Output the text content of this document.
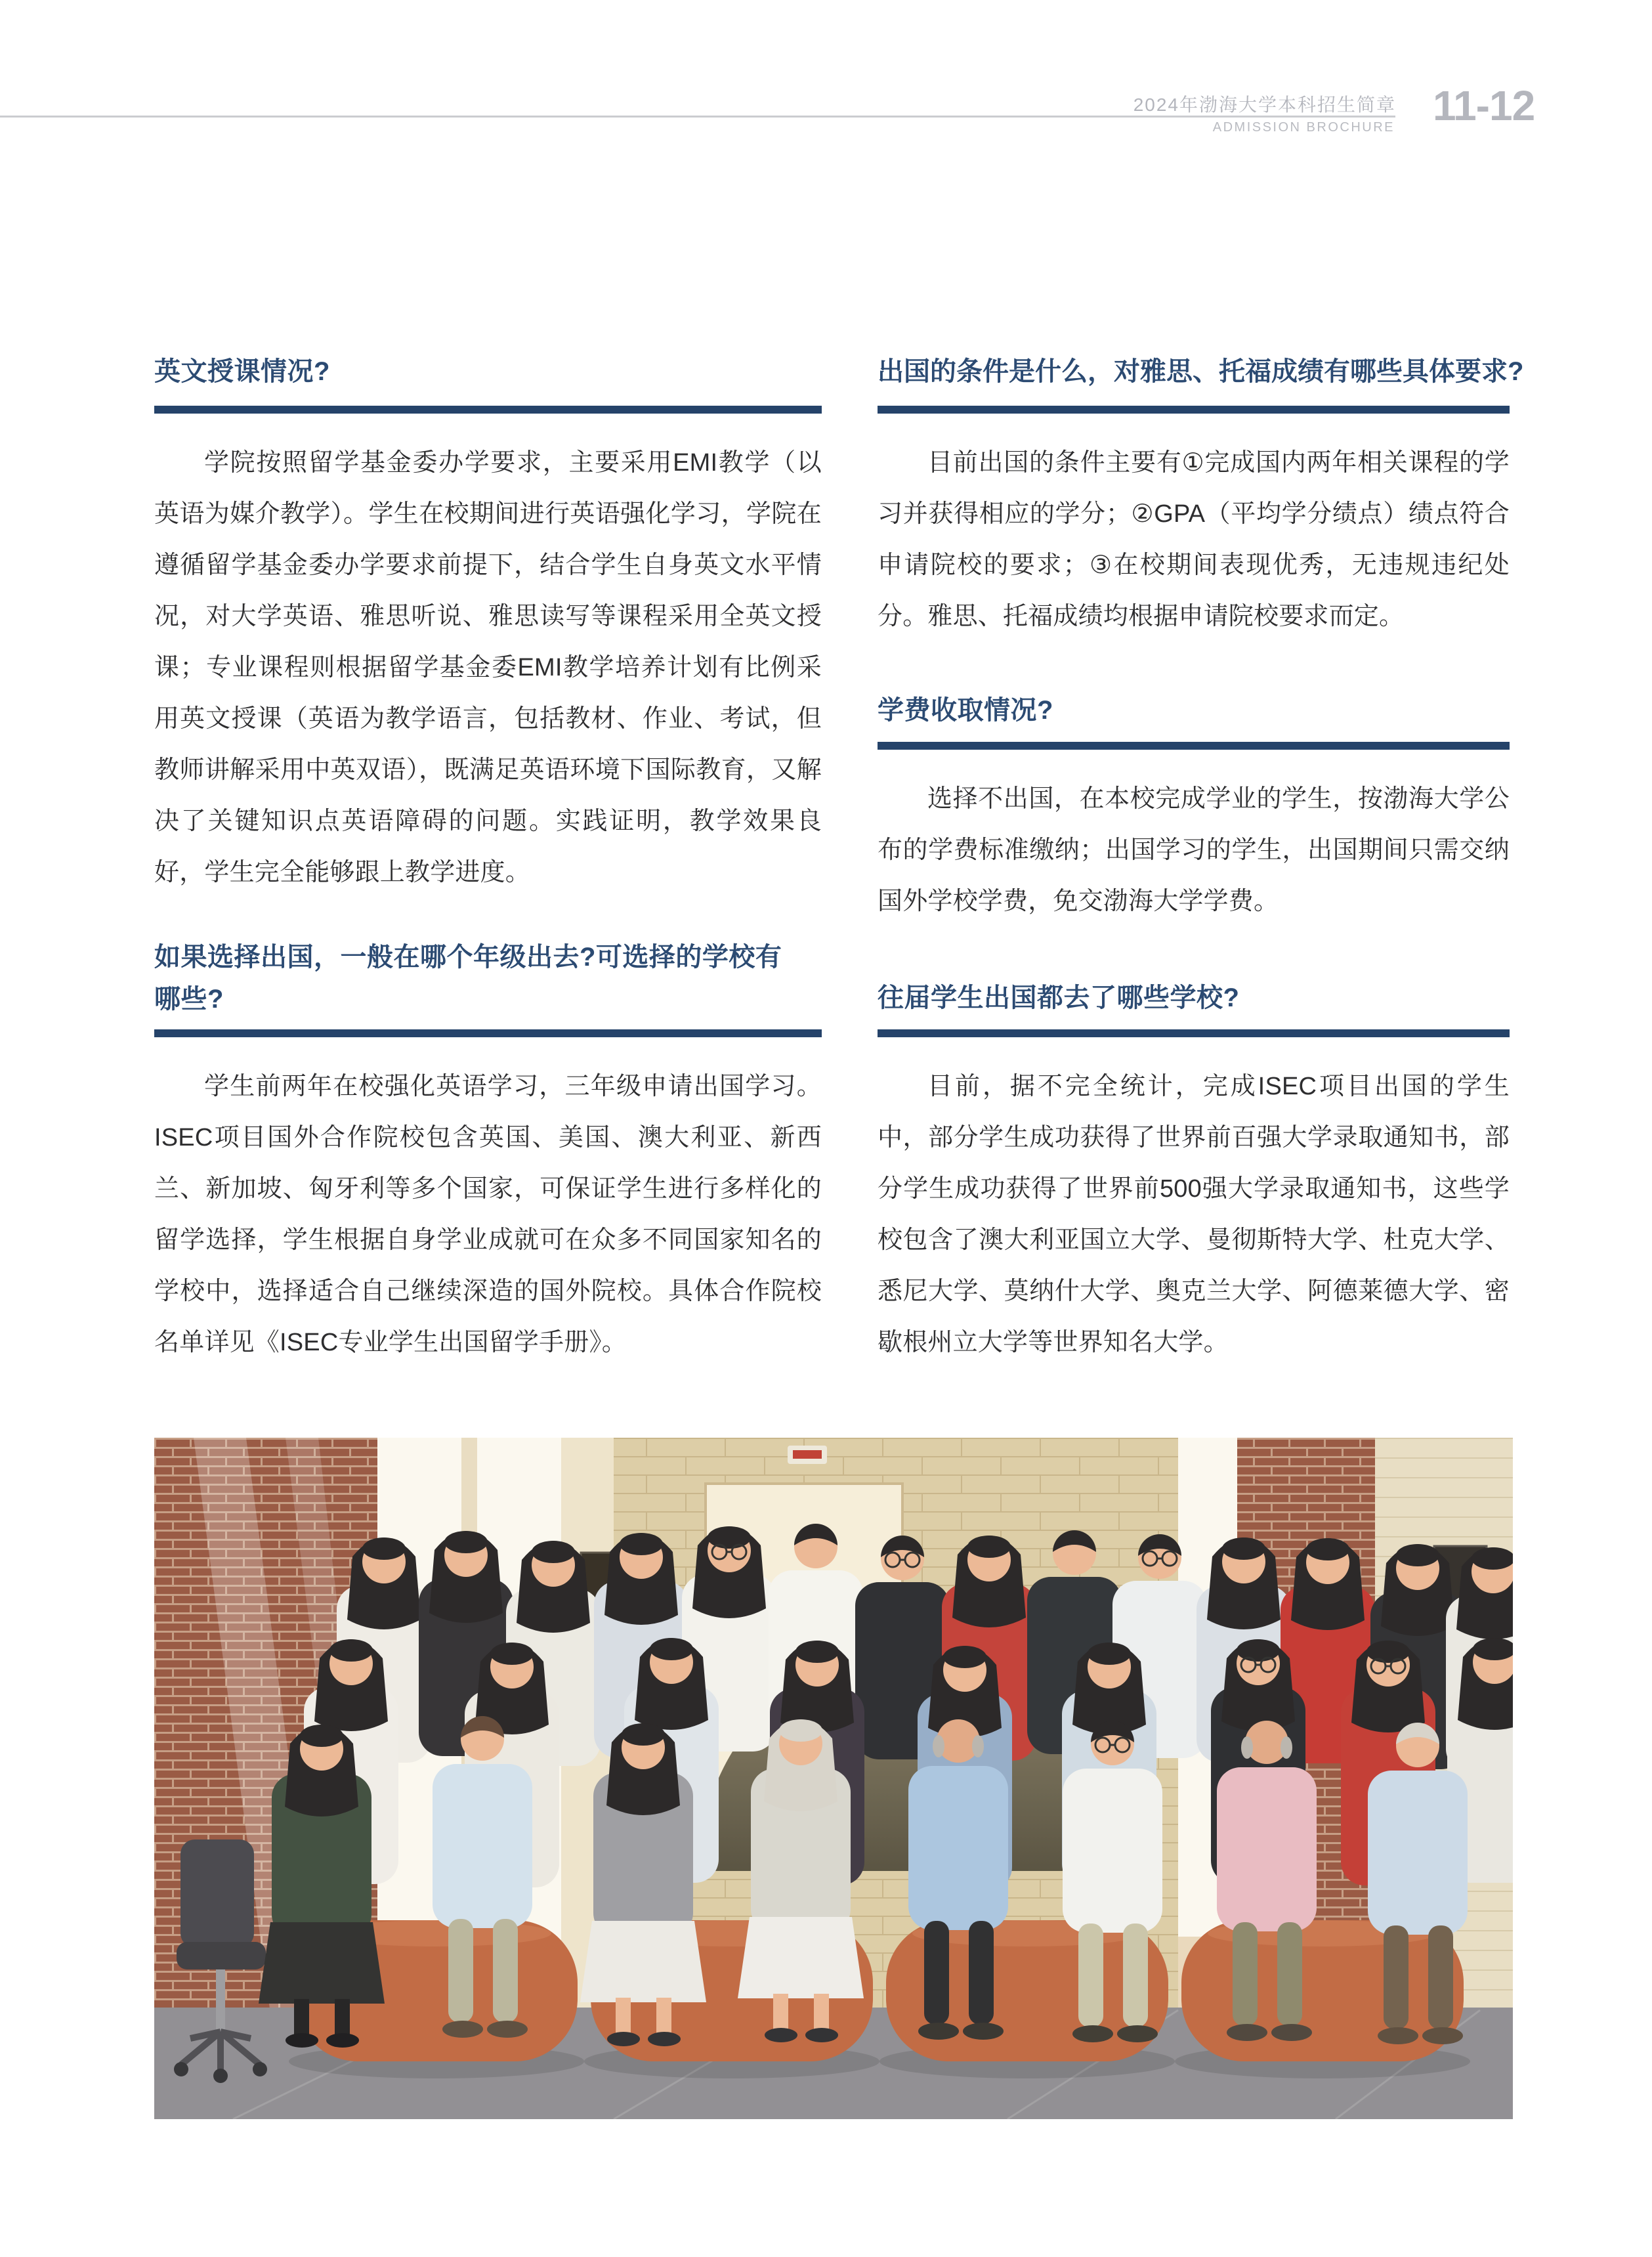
2024年渤海大学本科招生简章
ADMISSION BROCHURE 11-12
英文授课情况?

学院按照留学基金委办学要求，主要采用EMI教学（以英语为媒介教学）。学生在校期间进行英语强化学习，学院在遵循留学基金委办学要求前提下，结合学生自身英文水平情况，对大学英语、雅思听说、雅思读写等课程采用全英文授课；专业课程则根据留学基金委EMI教学培养计划有比例采用英文授课（英语为教学语言，包括教材、作业、考试，但教师讲解采用中英双语），既满足英语环境下国际教育，又解决了关键知识点英语障碍的问题。实践证明，教学效果良好，学生完全能够跟上教学进度。

如果选择出国，一般在哪个年级出去?可选择的学校有哪些?

学生前两年在校强化英语学习，三年级申请出国学习。ISEC项目国外合作院校包含英国、美国、澳大利亚、新西兰、新加坡、匈牙利等多个国家，可保证学生进行多样化的留学选择，学生根据自身学业成就可在众多不同国家知名的学校中，选择适合自己继续深造的国外院校。具体合作院校名单详见《ISEC专业学生出国留学手册》。

出国的条件是什么，对雅思、托福成绩有哪些具体要求?

目前出国的条件主要有①完成国内两年相关课程的学习并获得相应的学分；②GPA（平均学分绩点）绩点符合申请院校的要求；③在校期间表现优秀，无违规违纪处分。雅思、托福成绩均根据申请院校要求而定。

学费收取情况?

选择不出国，在本校完成学业的学生，按渤海大学公布的学费标准缴纳；出国学习的学生，出国期间只需交纳国外学校学费，免交渤海大学学费。

往届学生出国都去了哪些学校?

目前，据不完全统计，完成ISEC项目出国的学生中，部分学生成功获得了世界前百强大学录取通知书，部分学生成功获得了世界前500强大学录取通知书，这些学校包含了澳大利亚国立大学、曼彻斯特大学、杜克大学、悉尼大学、莫纳什大学、奥克兰大学、阿德莱德大学、密歇根州立大学等世界知名大学。
